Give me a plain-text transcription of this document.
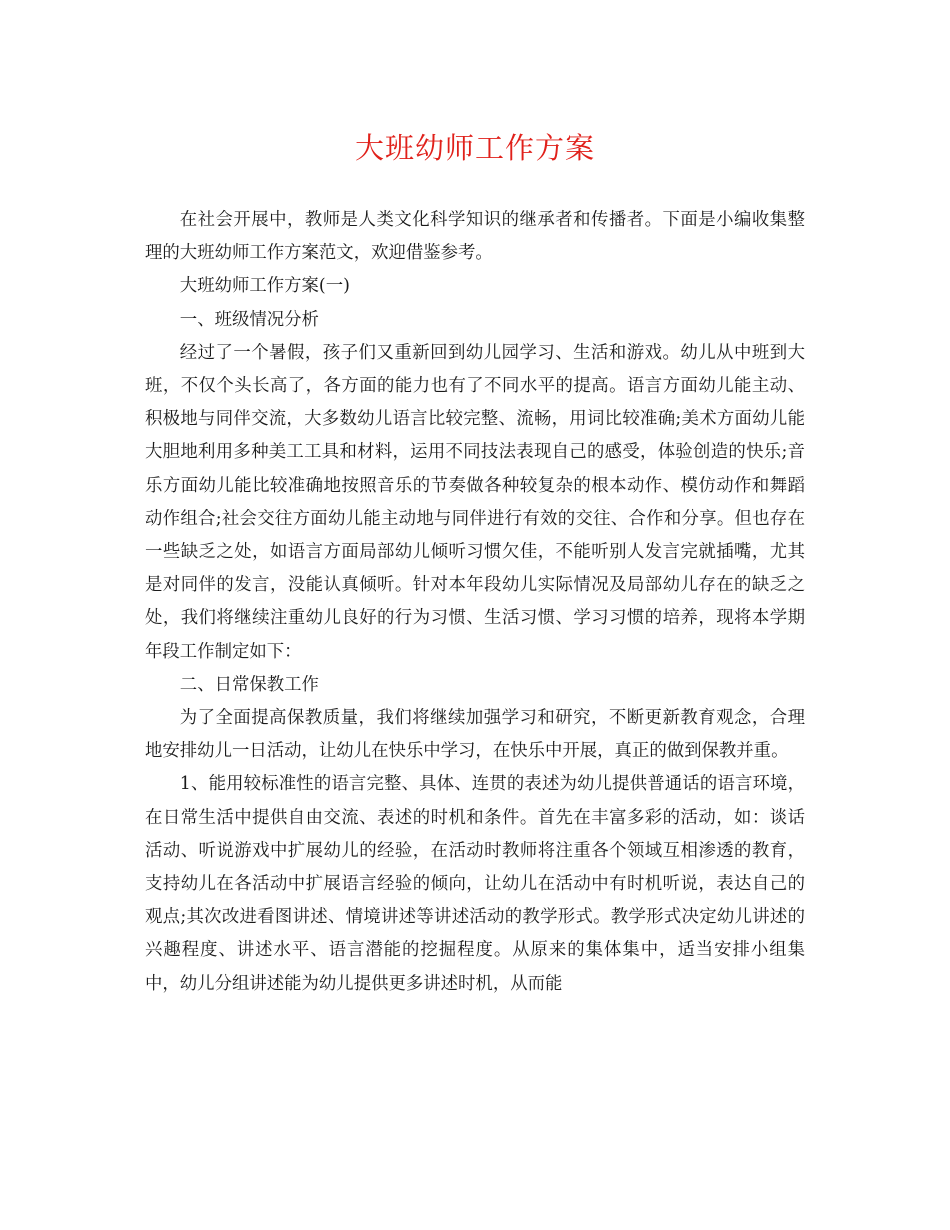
大班幼师工作方案

在社会开展中，教师是人类文化科学知识的继承者和传播者。下面是小编收集整理的大班幼师工作方案范文，欢迎借鉴参考。

大班幼师工作方案(一)

一、班级情况分析

经过了一个暑假，孩子们又重新回到幼儿园学习、生活和游戏。幼儿从中班到大班，不仅个头长高了，各方面的能力也有了不同水平的提高。语言方面幼儿能主动、积极地与同伴交流，大多数幼儿语言比较完整、流畅，用词比较准确;美术方面幼儿能大胆地利用多种美工工具和材料，运用不同技法表现自己的感受，体验创造的快乐;音乐方面幼儿能比较准确地按照音乐的节奏做各种较复杂的根本动作、模仿动作和舞蹈动作组合;社会交往方面幼儿能主动地与同伴进行有效的交往、合作和分享。但也存在一些缺乏之处，如语言方面局部幼儿倾听习惯欠佳，不能听别人发言完就插嘴，尤其是对同伴的发言，没能认真倾听。针对本年段幼儿实际情况及局部幼儿存在的缺乏之处，我们将继续注重幼儿良好的行为习惯、生活习惯、学习习惯的培养，现将本学期年段工作制定如下：

二、日常保教工作

为了全面提高保教质量，我们将继续加强学习和研究，不断更新教育观念，合理地安排幼儿一日活动，让幼儿在快乐中学习，在快乐中开展，真正的做到保教并重。

1、能用较标准性的语言完整、具体、连贯的表述为幼儿提供普通话的语言环境，在日常生活中提供自由交流、表述的时机和条件。首先在丰富多彩的活动，如：谈话活动、听说游戏中扩展幼儿的经验，在活动时教师将注重各个领域互相渗透的教育，支持幼儿在各活动中扩展语言经验的倾向，让幼儿在活动中有时机听说，表达自己的观点;其次改进看图讲述、情境讲述等讲述活动的教学形式。教学形式决定幼儿讲述的兴趣程度、讲述水平、语言潜能的挖掘程度。从原来的集体集中，适当安排小组集中，幼儿分组讲述能为幼儿提供更多讲述时机，从而能
